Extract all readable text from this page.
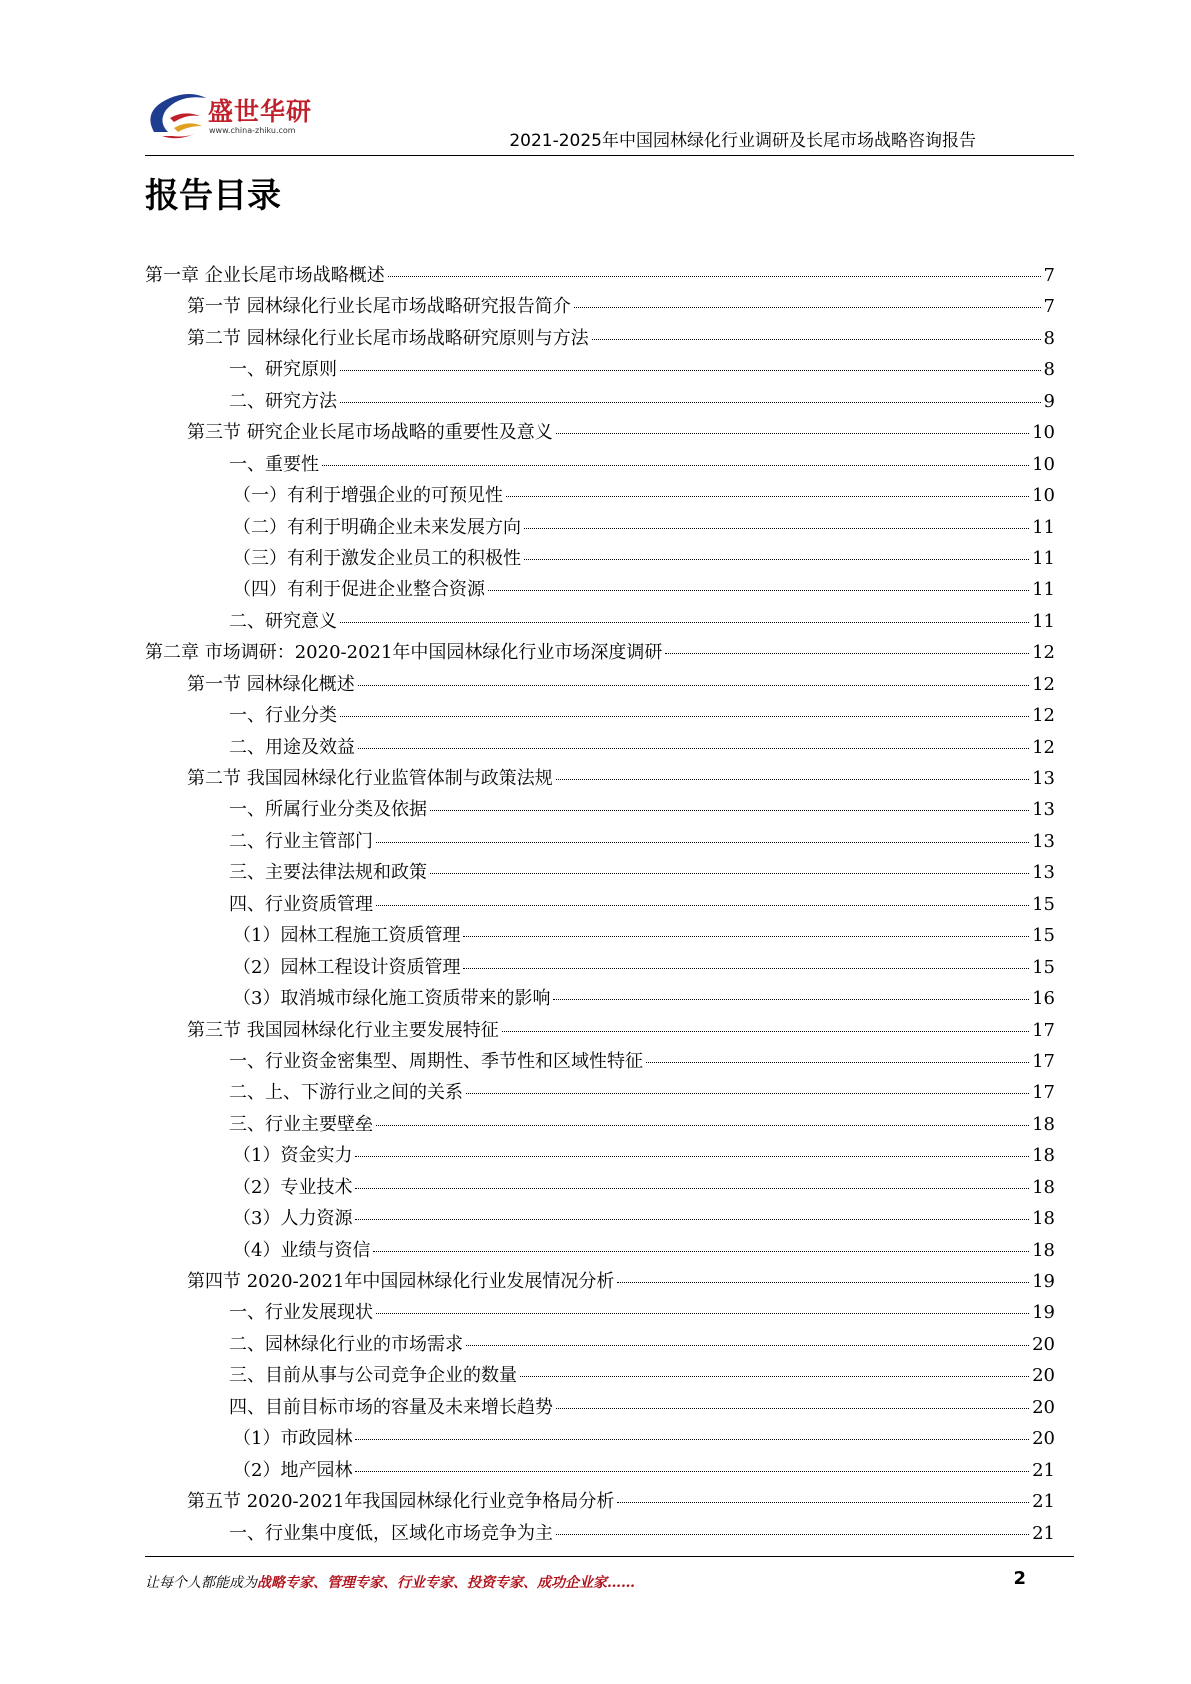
盛世华研
www.china-zhiku.com
2021-2025年中国园林绿化行业调研及长尾市场战略咨询报告
报告目录
第一章 企业长尾市场战略概述	7
第一节 园林绿化行业长尾市场战略研究报告简介	7
第二节 园林绿化行业长尾市场战略研究原则与方法	8
一、研究原则	8
二、研究方法	9
第三节 研究企业长尾市场战略的重要性及意义	10
一、重要性	10
（一）有利于增强企业的可预见性	10
（二）有利于明确企业未来发展方向	11
（三）有利于激发企业员工的积极性	11
（四）有利于促进企业整合资源	11
二、研究意义	11
第二章 市场调研：2020-2021年中国园林绿化行业市场深度调研	12
第一节 园林绿化概述	12
一、行业分类	12
二、用途及效益	12
第二节 我国园林绿化行业监管体制与政策法规	13
一、所属行业分类及依据	13
二、行业主管部门	13
三、主要法律法规和政策	13
四、行业资质管理	15
（1）园林工程施工资质管理	15
（2）园林工程设计资质管理	15
（3）取消城市绿化施工资质带来的影响	16
第三节 我国园林绿化行业主要发展特征	17
一、行业资金密集型、周期性、季节性和区域性特征	17
二、上、下游行业之间的关系	17
三、行业主要壁垒	18
（1）资金实力	18
（2）专业技术	18
（3）人力资源	18
（4）业绩与资信	18
第四节 2020-2021年中国园林绿化行业发展情况分析	19
一、行业发展现状	19
二、园林绿化行业的市场需求	20
三、目前从事与公司竞争企业的数量	20
四、目前目标市场的容量及未来增长趋势	20
（1）市政园林	20
（2）地产园林	21
第五节 2020-2021年我国园林绿化行业竞争格局分析	21
一、行业集中度低，区域化市场竞争为主	21
让每个人都能成为战略专家、管理专家、行业专家、投资专家、成功企业家……	2
